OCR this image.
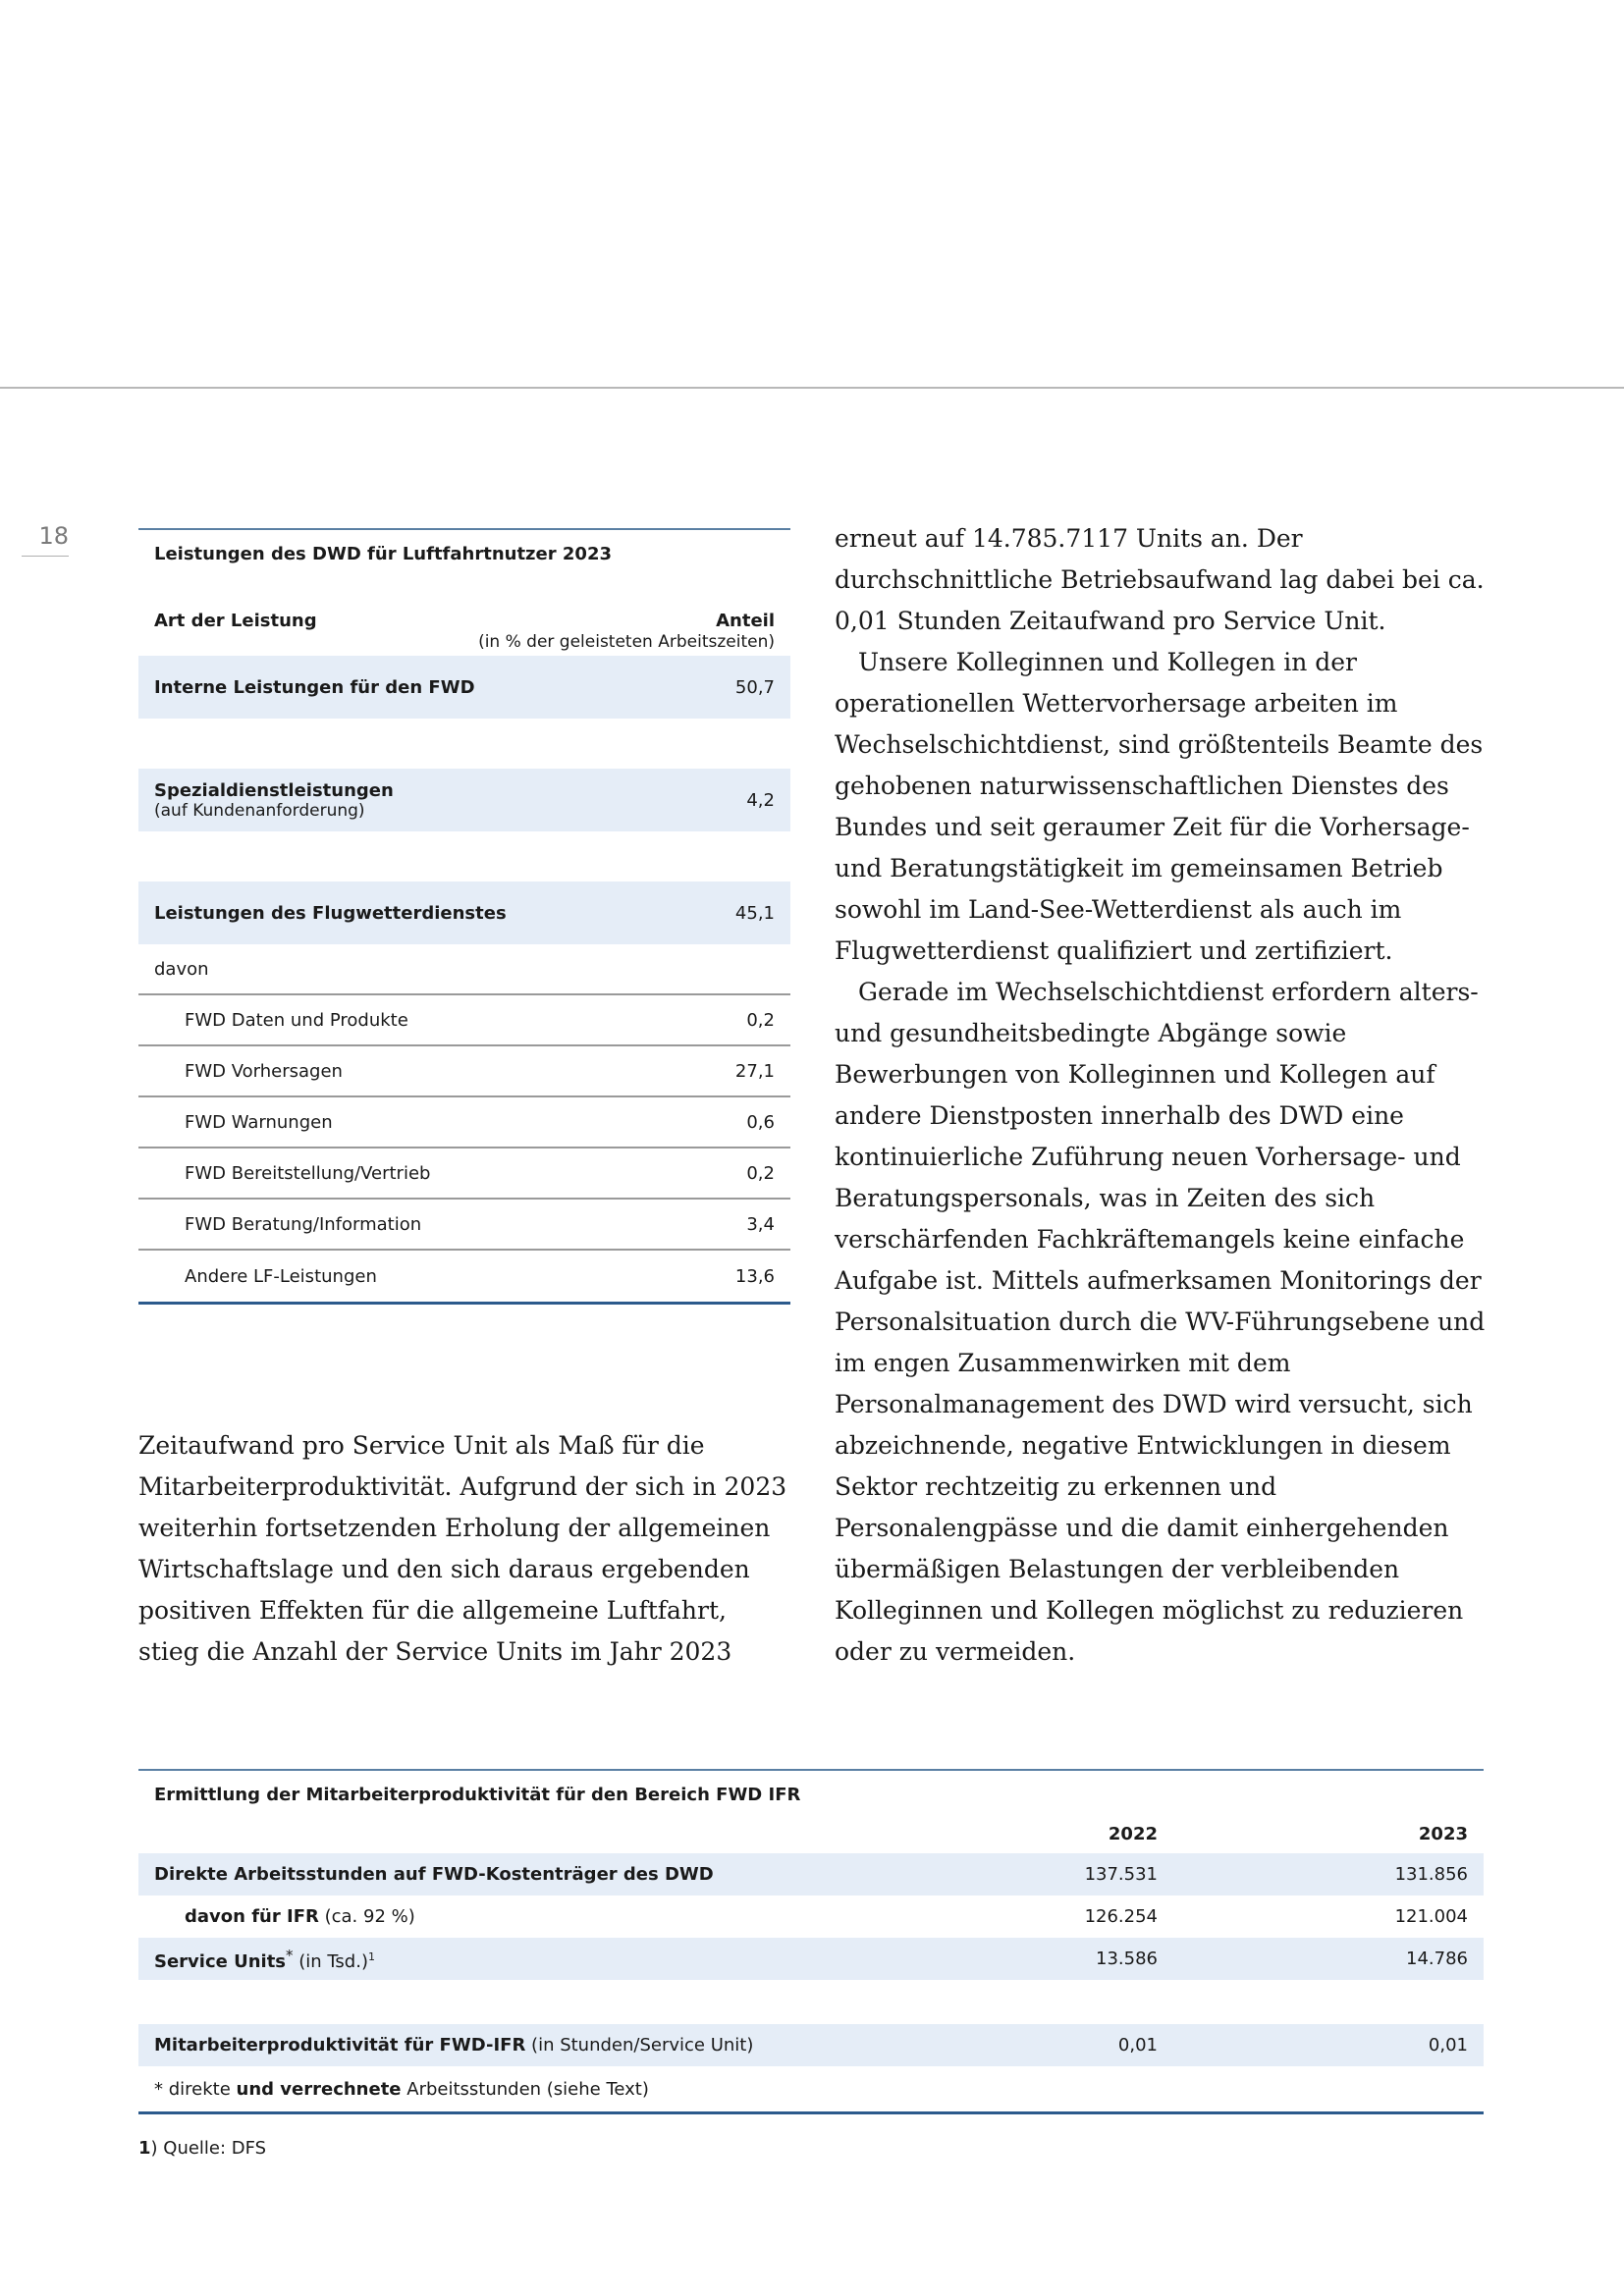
18
Leistungen des DWD für Luftfahrtnutzer 2023
Art der Leistung	Anteil
(in % der geleisteten Arbeitszeiten)
Interne Leistungen für den FWD	50,7
Spezialdienstleistungen
(auf Kundenanforderung)	4,2
Leistungen des Flugwetterdienstes	45,1
davon
FWD Daten und Produkte	0,2
FWD Vorhersagen	27,1
FWD Warnungen	0,6
FWD Bereitstellung/Vertrieb	0,2
FWD Beratung/Information	3,4
Andere LF-Leistungen	13,6

Zeitaufwand pro Service Unit als Maß für die Mitarbeiterproduktivität. Aufgrund der sich in 2023 weiterhin fortsetzenden Erholung der allgemeinen Wirtschaftslage und den sich daraus ergebenden positiven Effekten für die allgemeine Luftfahrt, stieg die Anzahl der Service Units im Jahr 2023

erneut auf 14.785.7117 Units an. Der durchschnittliche Betriebsaufwand lag dabei bei ca. 0,01 Stunden Zeitaufwand pro Service Unit.

Unsere Kolleginnen und Kollegen in der operationellen Wettervorhersage arbeiten im Wechselschichtdienst, sind größtenteils Beamte des gehobenen naturwissenschaftlichen Dienstes des Bundes und seit geraumer Zeit für die Vorhersage- und Beratungstätigkeit im gemeinsamen Betrieb sowohl im Land-See-Wetterdienst als auch im Flugwetterdienst qualifiziert und zertifiziert.

Gerade im Wechselschichtdienst erfordern alters- und gesundheitsbedingte Abgänge sowie Bewerbungen von Kolleginnen und Kollegen auf andere Dienstposten innerhalb des DWD eine kontinuierliche Zuführung neuen Vorhersage- und Beratungspersonals, was in Zeiten des sich verschärfenden Fachkräftemangels keine einfache Aufgabe ist. Mittels aufmerksamen Monitorings der Personalsituation durch die WV-Führungsebene und im engen Zusammenwirken mit dem Personalmanagement des DWD wird versucht, sich abzeichnende, negative Entwicklungen in diesem Sektor rechtzeitig zu erkennen und Personalengpässe und die damit einhergehenden übermäßigen Belastungen der verbleibenden Kolleginnen und Kollegen möglichst zu reduzieren oder zu vermeiden.

Ermittlung der Mitarbeiterproduktivität für den Bereich FWD IFR
2022	2023
Direkte Arbeitsstunden auf FWD-Kostenträger des DWD	137.531	131.856
davon für IFR (ca. 92 %)	126.254	121.004
Service Units* (in Tsd.)$^1$	13.586	14.786
Mitarbeiterproduktivität für FWD-IFR (in Stunden/Service Unit)	0,01	0,01
* direkte und verrechnete Arbeitsstunden (siehe Text)
1) Quelle: DFS
